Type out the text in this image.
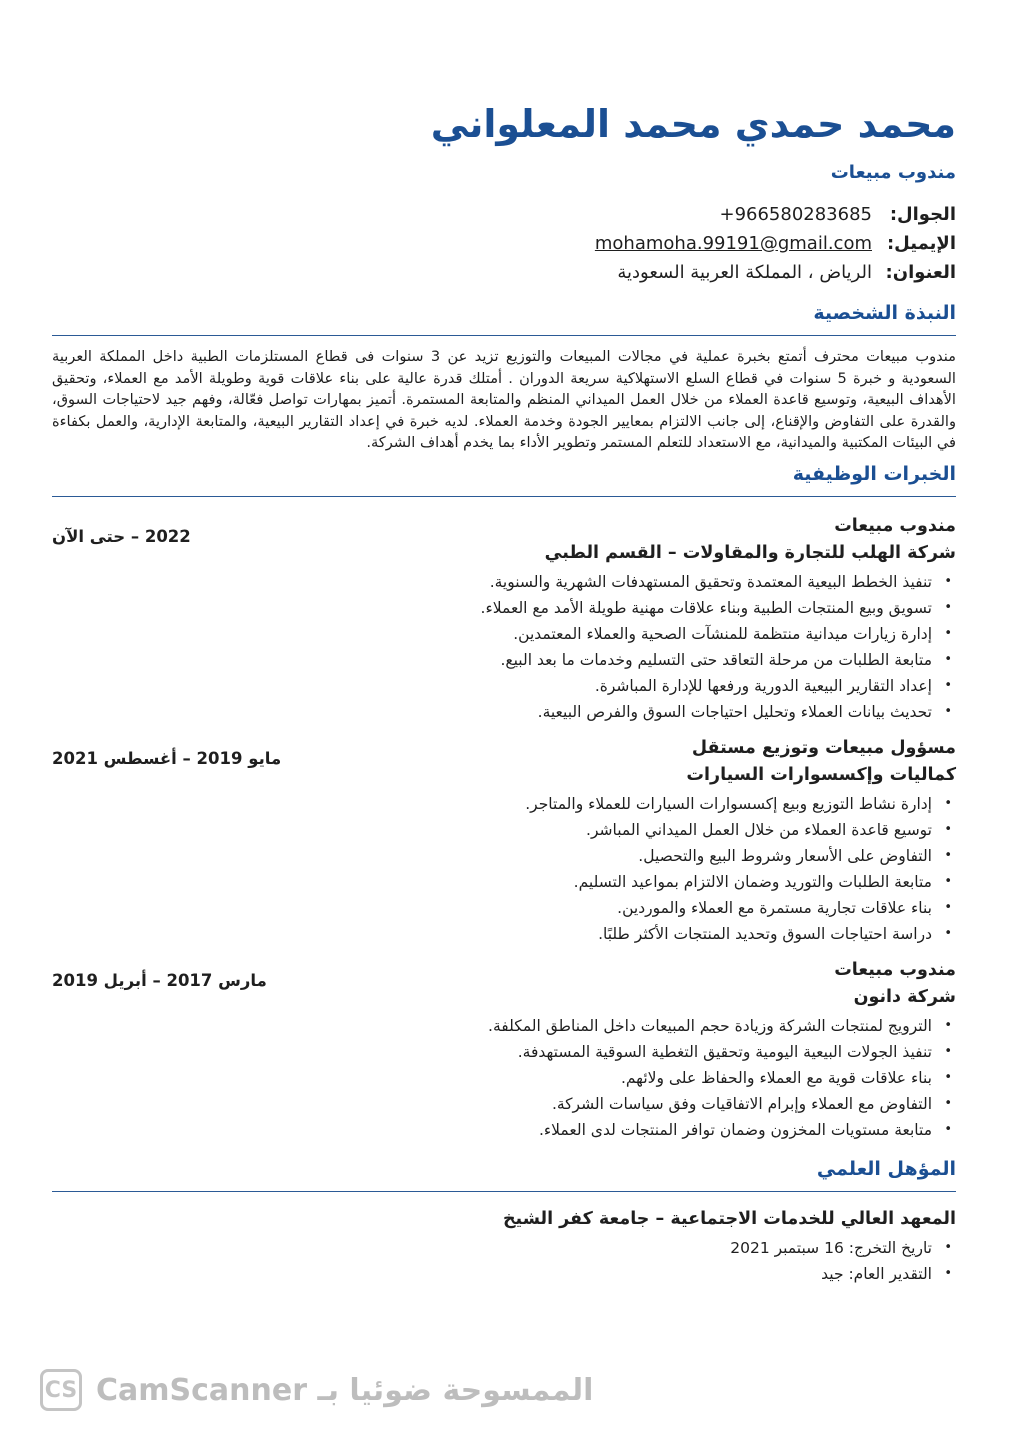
محمد حمدي محمد المعلواني
مندوب مبيعات
الجوال:
+966580283685
الإيميل:
mohamoha.99191@gmail.com
العنوان:
الرياض ، المملكة العربية السعودية
النبذة الشخصية
مندوب مبيعات محترف أتمتع بخبرة عملية في مجالات المبيعات والتوزيع تزيد عن 3 سنوات فى قطاع المستلزمات الطبية داخل المملكة العربية السعودية و خبرة 5 سنوات في قطاع السلع الاستهلاكية سريعة الدوران . أمتلك قدرة عالية على بناء علاقات قوية وطويلة الأمد مع العملاء، وتحقيق الأهداف البيعية، وتوسيع قاعدة العملاء من خلال العمل الميداني المنظم والمتابعة المستمرة. أتميز بمهارات تواصل فعّالة، وفهم جيد لاحتياجات السوق، والقدرة على التفاوض والإقناع، إلى جانب الالتزام بمعايير الجودة وخدمة العملاء. لديه خبرة في إعداد التقارير البيعية، والمتابعة الإدارية، والعمل بكفاءة في البيئات المكتبية والميدانية، مع الاستعداد للتعلم المستمر وتطوير الأداء بما يخدم أهداف الشركة.
الخبرات الوظيفية
مندوب مبيعات
شركة الهلب للتجارة والمقاولات – القسم الطبي
2022 – حتى الآن
• تنفيذ الخطط البيعية المعتمدة وتحقيق المستهدفات الشهرية والسنوية.
• تسويق وبيع المنتجات الطبية وبناء علاقات مهنية طويلة الأمد مع العملاء.
• إدارة زيارات ميدانية منتظمة للمنشآت الصحية والعملاء المعتمدين.
• متابعة الطلبات من مرحلة التعاقد حتى التسليم وخدمات ما بعد البيع.
• إعداد التقارير البيعية الدورية ورفعها للإدارة المباشرة.
• تحديث بيانات العملاء وتحليل احتياجات السوق والفرص البيعية.
مسؤول مبيعات وتوزيع مستقل
كماليات وإكسسوارات السيارات
مايو 2019 – أغسطس 2021
• إدارة نشاط التوزيع وبيع إكسسوارات السيارات للعملاء والمتاجر.
• توسيع قاعدة العملاء من خلال العمل الميداني المباشر.
• التفاوض على الأسعار وشروط البيع والتحصيل.
• متابعة الطلبات والتوريد وضمان الالتزام بمواعيد التسليم.
• بناء علاقات تجارية مستمرة مع العملاء والموردين.
• دراسة احتياجات السوق وتحديد المنتجات الأكثر طلبًا.
مندوب مبيعات
شركة دانون
مارس 2017 – أبريل 2019
• الترويج لمنتجات الشركة وزيادة حجم المبيعات داخل المناطق المكلفة.
• تنفيذ الجولات البيعية اليومية وتحقيق التغطية السوقية المستهدفة.
• بناء علاقات قوية مع العملاء والحفاظ على ولائهم.
• التفاوض مع العملاء وإبرام الاتفاقيات وفق سياسات الشركة.
• متابعة مستويات المخزون وضمان توافر المنتجات لدى العملاء.
المؤهل العلمي
المعهد العالي للخدمات الاجتماعية – جامعة كفر الشيخ
• تاريخ التخرج: 16 سبتمبر 2021
• التقدير العام: جيد
CS الممسوحة ضوئيا بـ CamScanner
